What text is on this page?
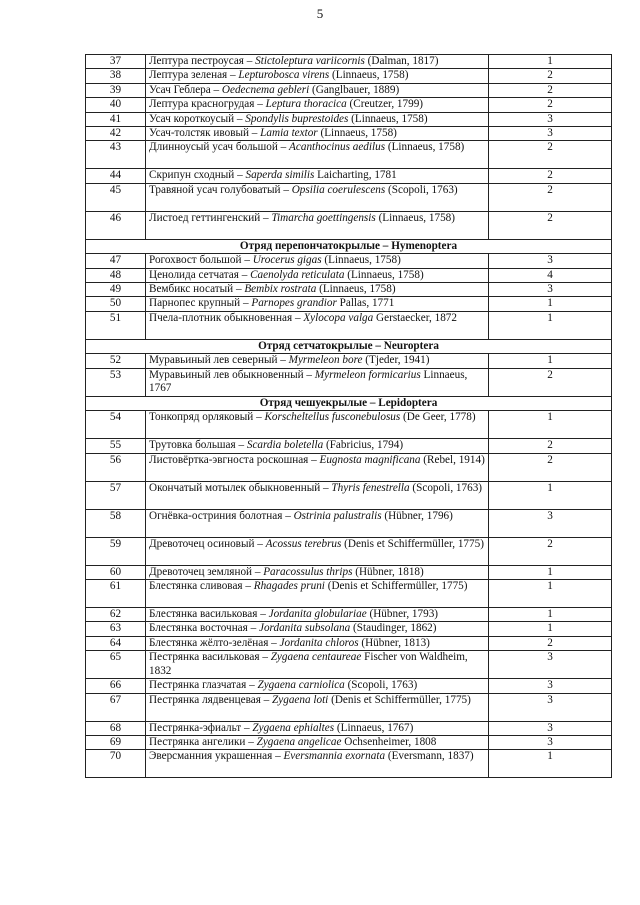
5
37	Лептура пестроусая – Stictoleptura variicornis (Dalman, 1817)	1
38	Лептура зеленая – Lepturobosca virens (Linnaeus, 1758)	2
39	Усач Геблера – Oedecnema gebleri (Ganglbauer, 1889)	2
40	Лептура красногрудая – Leptura thoracica (Creutzer, 1799)	2
41	Усач короткоусый – Spondylis buprestoides (Linnaeus, 1758)	3
42	Усач-толстяк ивовый – Lamia textor (Linnaeus, 1758)	3
43	Длинноусый усач большой – Acanthocinus aedilus (Linnaeus, 1758)	2
44	Скрипун сходный – Saperda similis Laicharting, 1781	2
45	Травяной усач голубоватый – Opsilia coerulescens (Scopoli, 1763)	2
46	Листоед геттингенский – Timarcha goettingensis (Linnaeus, 1758)	2
Отряд перепончатокрылые – Hymenoptera		
47	Рогохвост большой – Urocerus gigas (Linnaeus, 1758)	3
48	Ценолида сетчатая – Caenolyda reticulata (Linnaeus, 1758)	4
49	Вембикс носатый – Bembix rostrata (Linnaeus, 1758)	3
50	Парнопес крупный – Parnopes grandior Pallas, 1771	1
51	Пчела-плотник обыкновенная – Xylocopa valga Gerstaecker, 1872	1
Отряд сетчатокрылые – Neuroptera		
52	Муравьиный лев северный – Myrmeleon bore (Tjeder, 1941)	1
53	Муравьиный лев обыкновенный – Myrmeleon formicarius Linnaeus, 1767	2
Отряд чешуекрылые – Lepidoptera		
54	Тонкопряд орляковый – Korscheltellus fusconebulosus (De Geer, 1778)	1
55	Трутовка большая – Scardia boletella (Fabricius, 1794)	2
56	Листовёртка-эвгноста роскошная – Eugnosta magnificana (Rebel, 1914)	2
57	Окончатый мотылек обыкновенный – Thyris fenestrella (Scopoli, 1763)	1
58	Огнёвка-остриния болотная – Ostrinia palustralis (Hübner, 1796)	3
59	Древоточец осиновый – Acossus terebrus (Denis et Schiffermüller, 1775)	2
60	Древоточец земляной – Paracossulus thrips (Hübner, 1818)	1
61	Блестянка сливовая – Rhagades pruni (Denis et Schiffermüller, 1775)	1
62	Блестянка васильковая – Jordanita globulariae (Hübner, 1793)	1
63	Блестянка восточная – Jordanita subsolana (Staudinger, 1862)	1
64	Блестянка жёлто-зелёная – Jordanita chloros (Hübner, 1813)	2
65	Пестрянка васильковая – Zygaena centaureae Fischer von Waldheim, 1832	3
66	Пестрянка глазчатая – Zygaena carniolica (Scopoli, 1763)	3
67	Пестрянка лядвенцевая – Zygaena loti (Denis et Schiffermüller, 1775)	3
68	Пестрянка-эфиальт – Zygaena ephialtes (Linnaeus, 1767)	3
69	Пестрянка ангелики – Zygaena angelicae Ochsenheimer, 1808	3
70	Эверсманния украшенная – Eversmannia exornata (Eversmann, 1837)	1
